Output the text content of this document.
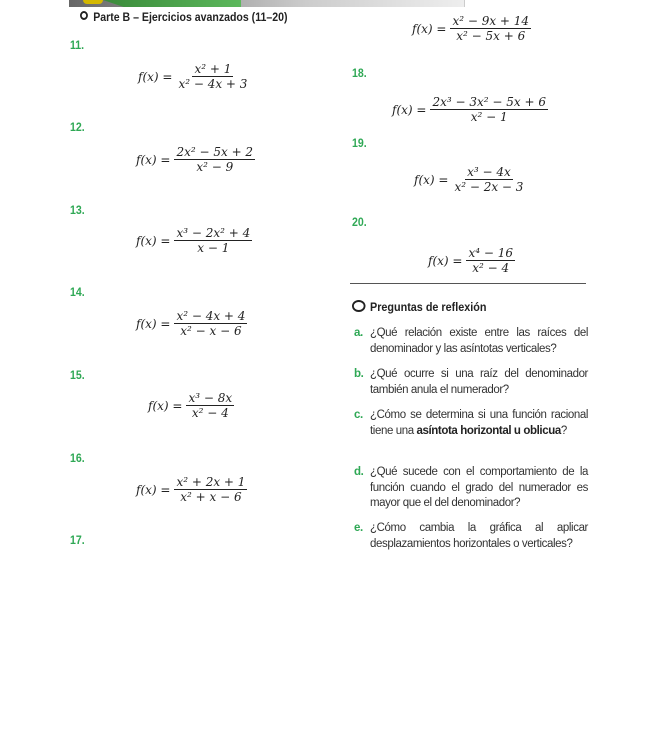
Parte B – Ejercicios avanzados (11–20)
11.
12.
13.
14.
15.
16.
17.
18.
19.
20.
$f(x) = \frac{\text{x² − 9x + 14}}{\text{x² − 5x + 6}}$
$f(x) = \frac{\text{x² + 1}}{\text{x² − 4x + 3}}$
$f(x) = \frac{\text{2x² − 5x + 2}}{\text{x² − 9}}$
$f(x) = \frac{\text{x³ − 2x² + 4}}{x - 1}$
$f(x) = \frac{\text{x² − 4x + 4}}{\text{x² − x − 6}}$
$f(x) = \frac{\text{x³ − 8x}}{\text{x² − 4}}$
$f(x) = \frac{\text{x² + 2x + 1}}{\text{x² + x − 6}}$
$f(x) = \frac{\text{2x³ − 3x² − 5x + 6}}{\text{x² − 1}}$
$f(x) = \frac{\text{x³ − 4x}}{\text{x² − 2x − 3}}$
$f(x) = \frac{\text{x⁴ − 16}}{\text{x² − 4}}$
Preguntas de reflexión
a. ¿Qué relación existe entre las raíces del denominador y las asíntotas verticales?
b. ¿Qué ocurre si una raíz del denominador también anula el numerador?
c. ¿Cómo se determina si una función racional tiene una asíntota horizontal u oblicua?
d. ¿Qué sucede con el comportamiento de la función cuando el grado del numerador es mayor que el del denominador?
e. ¿Cómo cambia la gráfica al aplicar desplazamientos horizontales o verticales?
